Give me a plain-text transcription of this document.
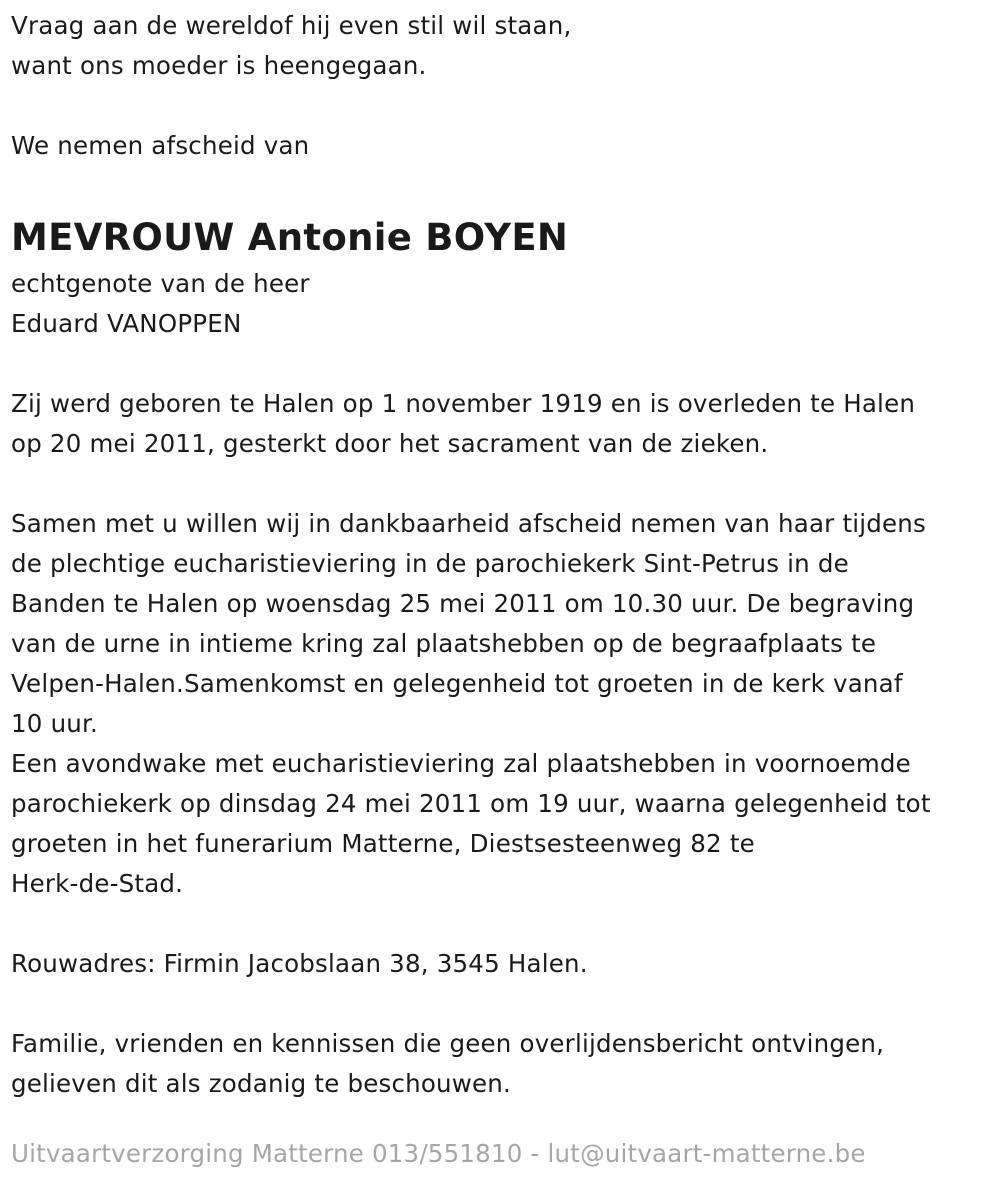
Vraag aan de wereldof hij even stil wil staan,
want ons moeder is heengegaan.
We nemen afscheid van
MEVROUW Antonie BOYEN
echtgenote van de heer
Eduard VANOPPEN
Zij werd geboren te Halen op 1 november 1919 en is overleden te Halen
op 20 mei 2011, gesterkt door het sacrament van de zieken.
Samen met u willen wij in dankbaarheid afscheid nemen van haar tijdens
de plechtige eucharistieviering in de parochiekerk Sint-Petrus in de
Banden te Halen op woensdag 25 mei 2011 om 10.30 uur. De begraving
van de urne in intieme kring zal plaatshebben op de begraafplaats te
Velpen-Halen.Samenkomst en gelegenheid tot groeten in de kerk vanaf
10 uur.
Een avondwake met eucharistieviering zal plaatshebben in voornoemde
parochiekerk op dinsdag 24 mei 2011 om 19 uur, waarna gelegenheid tot
groeten in het funerarium Matterne, Diestsesteenweg 82 te
Herk-de-Stad.
Rouwadres: Firmin Jacobslaan 38, 3545 Halen.
Familie, vrienden en kennissen die geen overlijdensbericht ontvingen,
gelieven dit als zodanig te beschouwen.
Uitvaartverzorging Matterne 013/551810 - lut@uitvaart-matterne.be
